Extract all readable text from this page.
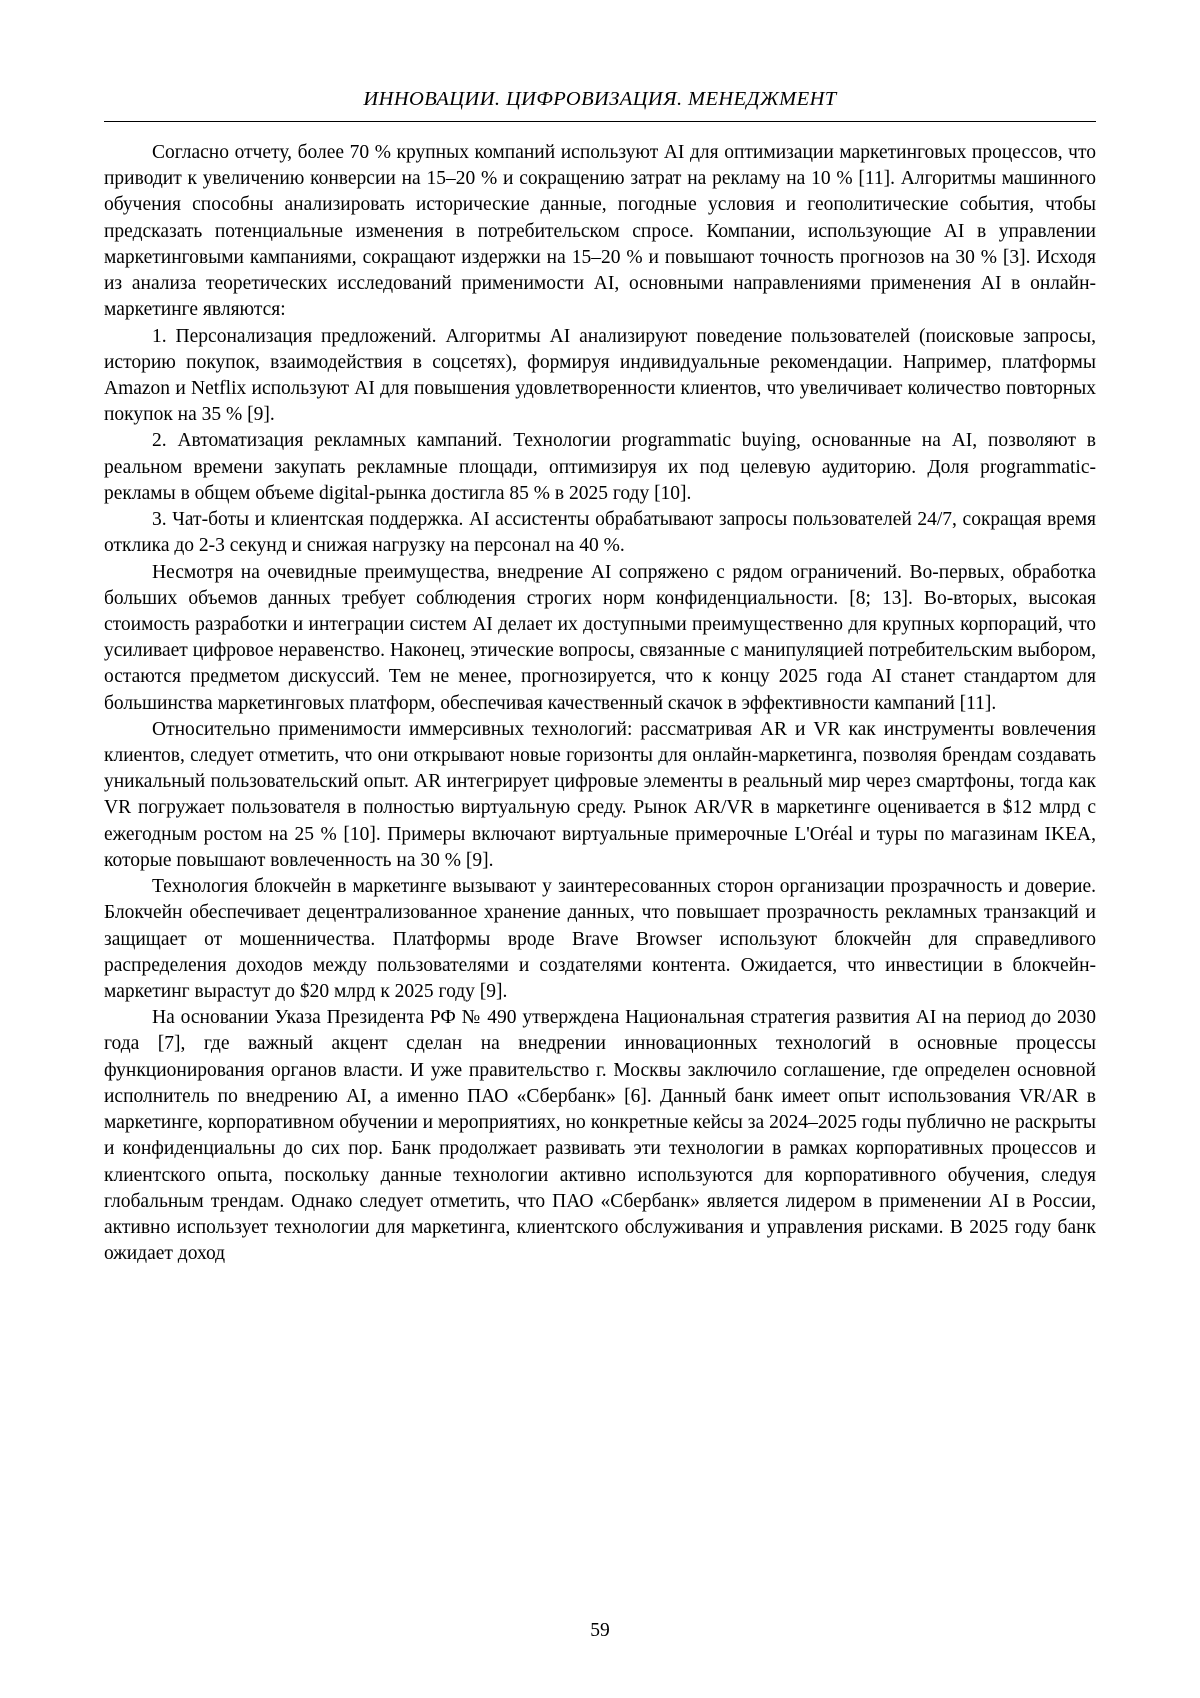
ИННОВАЦИИ. ЦИФРОВИЗАЦИЯ. МЕНЕДЖМЕНТ

Согласно отчету, более 70 % крупных компаний используют AI для оптимизации маркетинговых процессов, что приводит к увеличению конверсии на 15–20 % и сокращению затрат на рекламу на 10 % [11]. Алгоритмы машинного обучения способны анализировать исторические данные, погодные условия и геополитические события, чтобы предсказать потенциальные изменения в потребительском спросе. Компании, использующие AI в управлении маркетинговыми кампаниями, сокращают издержки на 15–20 % и повышают точность прогнозов на 30 % [3]. Исходя из анализа теоретических исследований применимости AI, основными направлениями применения AI в онлайн-маркетинге являются:

1. Персонализация предложений. Алгоритмы AI анализируют поведение пользователей (поисковые запросы, историю покупок, взаимодействия в соцсетях), формируя индивидуальные рекомендации. Например, платформы Amazon и Netflix используют AI для повышения удовлетворенности клиентов, что увеличивает количество повторных покупок на 35 % [9].

2. Автоматизация рекламных кампаний. Технологии programmatic buying, основанные на AI, позволяют в реальном времени закупать рекламные площади, оптимизируя их под целевую аудиторию. Доля programmatic-рекламы в общем объеме digital-рынка достигла 85 % в 2025 году [10].

3. Чат-боты и клиентская поддержка. AI ассистенты обрабатывают запросы пользователей 24/7, сокращая время отклика до 2-3 секунд и снижая нагрузку на персонал на 40 %.

Несмотря на очевидные преимущества, внедрение AI сопряжено с рядом ограничений. Во-первых, обработка больших объемов данных требует соблюдения строгих норм конфиденциальности. [8; 13]. Во-вторых, высокая стоимость разработки и интеграции систем AI делает их доступными преимущественно для крупных корпораций, что усиливает цифровое неравенство. Наконец, этические вопросы, связанные с манипуляцией потребительским выбором, остаются предметом дискуссий. Тем не менее, прогнозируется, что к концу 2025 года AI станет стандартом для большинства маркетинговых платформ, обеспечивая качественный скачок в эффективности кампаний [11].

Относительно применимости иммерсивных технологий: рассматривая AR и VR как инструменты вовлечения клиентов, следует отметить, что они открывают новые горизонты для онлайн-маркетинга, позволяя брендам создавать уникальный пользовательский опыт. AR интегрирует цифровые элементы в реальный мир через смартфоны, тогда как VR погружает пользователя в полностью виртуальную среду. Рынок AR/VR в маркетинге оценивается в $12 млрд с ежегодным ростом на 25 % [10]. Примеры включают виртуальные примерочные L'Oréal и туры по магазинам IKEA, которые повышают вовлеченность на 30 % [9].

Технология блокчейн в маркетинге вызывают у заинтересованных сторон организации прозрачность и доверие. Блокчейн обеспечивает децентрализованное хранение данных, что повышает прозрачность рекламных транзакций и защищает от мошенничества. Платформы вроде Brave Browser используют блокчейн для справедливого распределения доходов между пользователями и создателями контента. Ожидается, что инвестиции в блокчейн-маркетинг вырастут до $20 млрд к 2025 году [9].

На основании Указа Президента РФ № 490 утверждена Национальная стратегия развития AI на период до 2030 года [7], где важный акцент сделан на внедрении инновационных технологий в основные процессы функционирования органов власти. И уже правительство г. Москвы заключило соглашение, где определен основной исполнитель по внедрению AI, а именно ПАО «Сбербанк» [6]. Данный банк имеет опыт использования VR/AR в маркетинге, корпоративном обучении и мероприятиях, но конкретные кейсы за 2024–2025 годы публично не раскрыты и конфиденциальны до сих пор. Банк продолжает развивать эти технологии в рамках корпоративных процессов и клиентского опыта, поскольку данные технологии активно используются для корпоративного обучения, следуя глобальным трендам. Однако следует отметить, что ПАО «Сбербанк» является лидером в применении AI в России, активно использует технологии для маркетинга, клиентского обслуживания и управления рисками. В 2025 году банк ожидает доход

59
